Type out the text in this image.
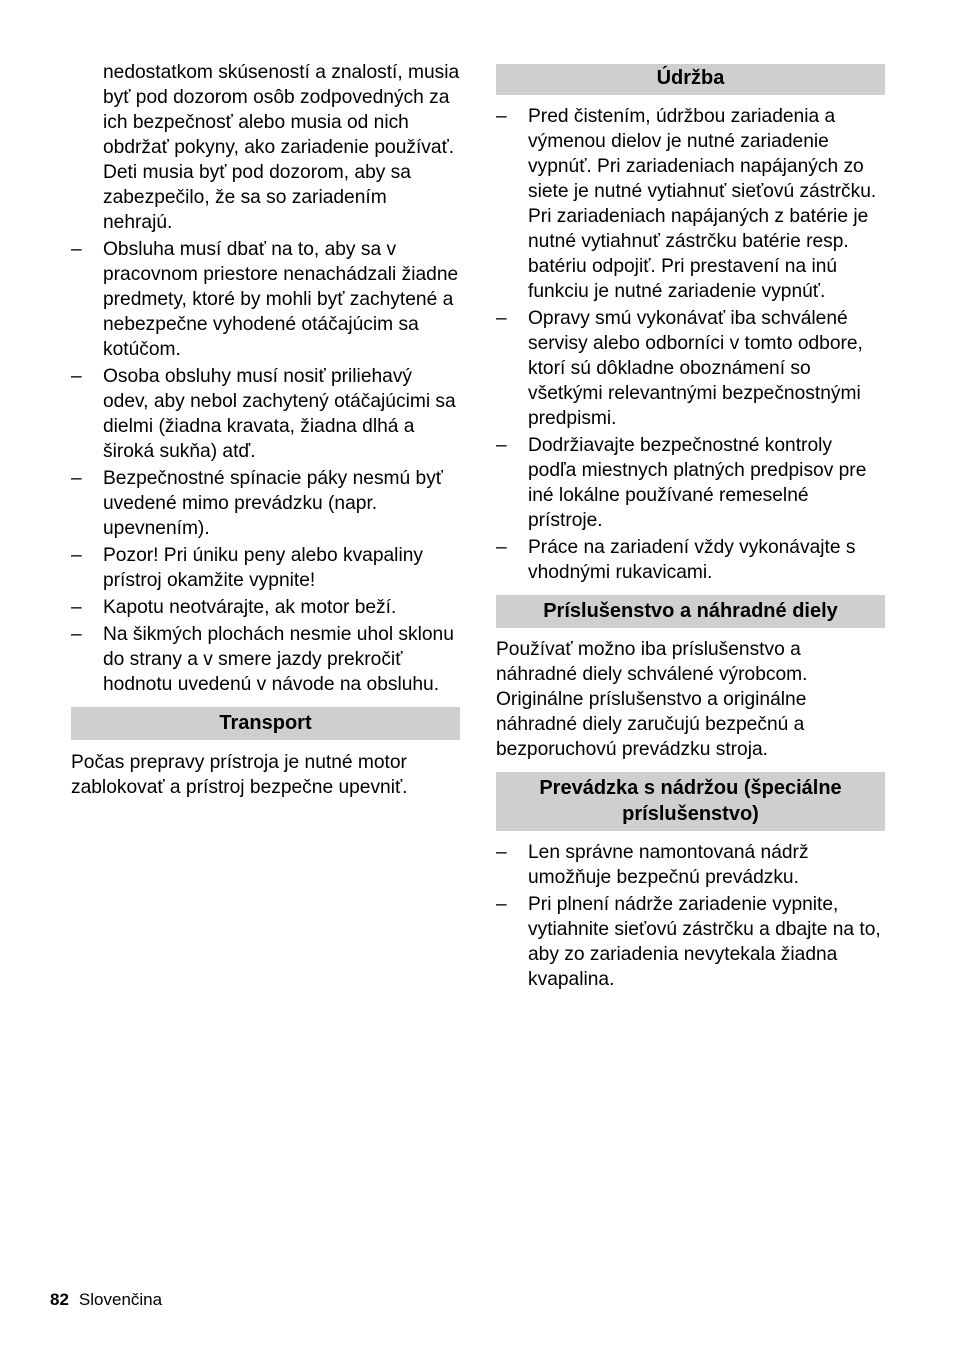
nedostatkom skúseností a znalostí, musia byť pod dozorom osôb zodpovedných za ich bezpečnosť alebo musia od nich obdržať pokyny, ako zariadenie používať. Deti musia byť pod dozorom, aby sa zabezpečilo, že sa so zariadením nehrajú.

– Obsluha musí dbať na to, aby sa v pracovnom priestore nenachádzali žiadne predmety, ktoré by mohli byť zachytené a nebezpečne vyhodené otáčajúcim sa kotúčom.
– Osoba obsluhy musí nosiť priliehavý odev, aby nebol zachytený otáčajúcimi sa dielmi (žiadna kravata, žiadna dlhá a široká sukňa) atď.
– Bezpečnostné spínacie páky nesmú byť uvedené mimo prevádzku (napr. upevnením).
– Pozor! Pri úniku peny alebo kvapaliny prístroj okamžite vypnite!
– Kapotu neotvárajte, ak motor beží.
– Na šikmých plochách nesmie uhol sklonu do strany a v smere jazdy prekročiť hodnotu uvedenú v návode na obsluhu.
Transport

Počas prepravy prístroja je nutné motor zablokovať a prístroj bezpečne upevniť.

Údržba
– Pred čistením, údržbou zariadenia a výmenou dielov je nutné zariadenie vypnúť. Pri zariadeniach napájaných zo siete je nutné vytiahnuť sieťovú zástrčku. Pri zariadeniach napájaných z batérie je nutné vytiahnuť zástrčku batérie resp. batériu odpojiť. Pri prestavení na inú funkciu je nutné zariadenie vypnúť.
– Opravy smú vykonávať iba schválené servisy alebo odborníci v tomto odbore, ktorí sú dôkladne oboznámení so všetkými relevantnými bezpečnostnými predpismi.
– Dodržiavajte bezpečnostné kontroly podľa miestnych platných predpisov pre iné lokálne používané remeselné prístroje.
– Práce na zariadení vždy vykonávajte s vhodnými rukavicami.
Príslušenstvo a náhradné diely

Používať možno iba príslušenstvo a náhradné diely schválené výrobcom. Originálne príslušenstvo a originálne náhradné diely zaručujú bezpečnú a bezporuchovú prevádzku stroja.

Prevádzka s nádržou (špeciálne príslušenstvo)
– Len správne namontovaná nádrž umožňuje bezpečnú prevádzku.
– Pri plnení nádrže zariadenie vypnite, vytiahnite sieťovú zástrčku a dbajte na to, aby zo zariadenia nevytekala žiadna kvapalina.
82 Slovenčina
